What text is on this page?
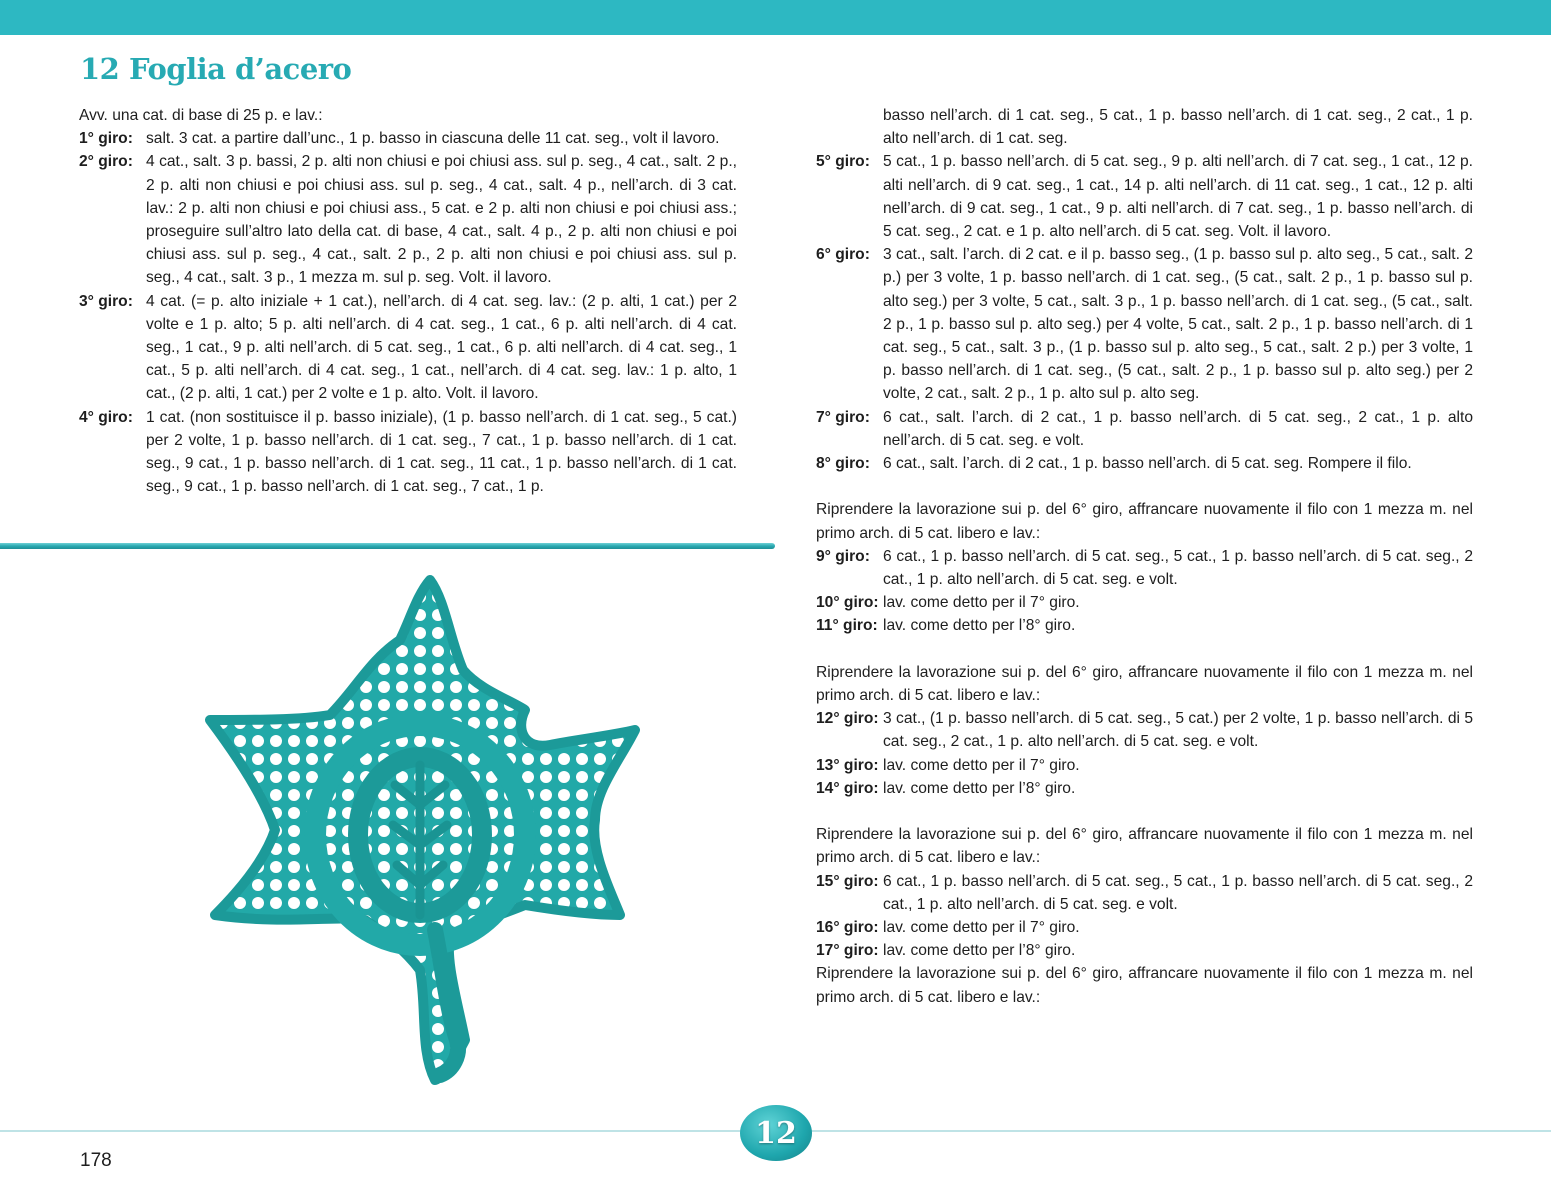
12 Foglia d’acero

Avv. una cat. di base di 25 p. e lav.:

1° giro: salt. 3 cat. a partire dall’unc., 1 p. basso in ciascuna delle 11 cat. seg., volt il lavoro.

2° giro: 4 cat., salt. 3 p. bassi, 2 p. alti non chiusi e poi chiusi ass. sul p. seg., 4 cat., salt. 2 p., 2 p. alti non chiusi e poi chiusi ass. sul p. seg., 4 cat., salt. 4 p., nell’arch. di 3 cat. lav.: 2 p. alti non chiusi e poi chiusi ass., 5 cat. e 2 p. alti non chiusi e poi chiusi ass.; proseguire sull’altro lato della cat. di base, 4 cat., salt. 4 p., 2 p. alti non chiusi e poi chiusi ass. sul p. seg., 4 cat., salt. 2 p., 2 p. alti non chiusi e poi chiusi ass. sul p. seg., 4 cat., salt. 3 p., 1 mezza m. sul p. seg. Volt. il lavoro.

3° giro: 4 cat. (= p. alto iniziale + 1 cat.), nell’arch. di 4 cat. seg. lav.: (2 p. alti, 1 cat.) per 2 volte e 1 p. alto; 5 p. alti nell’arch. di 4 cat. seg., 1 cat., 6 p. alti nell’arch. di 4 cat. seg., 1 cat., 9 p. alti nell’arch. di 5 cat. seg., 1 cat., 6 p. alti nell’arch. di 4 cat. seg., 1 cat., 5 p. alti nell’arch. di 4 cat. seg., 1 cat., nell’arch. di 4 cat. seg. lav.: 1 p. alto, 1 cat., (2 p. alti, 1 cat.) per 2 volte e 1 p. alto. Volt. il lavoro.

4° giro: 1 cat. (non sostituisce il p. basso iniziale), (1 p. basso nell’arch. di 1 cat. seg., 5 cat.) per 2 volte, 1 p. basso nell’arch. di 1 cat. seg., 7 cat., 1 p. basso nell’arch. di 1 cat. seg., 9 cat., 1 p. basso nell’arch. di 1 cat. seg., 11 cat., 1 p. basso nell’arch. di 1 cat. seg., 9 cat., 1 p. basso nell’arch. di 1 cat. seg., 7 cat., 1 p.

basso nell’arch. di 1 cat. seg., 5 cat., 1 p. basso nell’arch. di 1 cat. seg., 2 cat., 1 p. alto nell’arch. di 1 cat. seg.

5° giro: 5 cat., 1 p. basso nell’arch. di 5 cat. seg., 9 p. alti nell’arch. di 7 cat. seg., 1 cat., 12 p. alti nell’arch. di 9 cat. seg., 1 cat., 14 p. alti nell’arch. di 11 cat. seg., 1 cat., 12 p. alti nell’arch. di 9 cat. seg., 1 cat., 9 p. alti nell’arch. di 7 cat. seg., 1 p. basso nell’arch. di 5 cat. seg., 2 cat. e 1 p. alto nell’arch. di 5 cat. seg. Volt. il lavoro.

6° giro: 3 cat., salt. l’arch. di 2 cat. e il p. basso seg., (1 p. basso sul p. alto seg., 5 cat., salt. 2 p.) per 3 volte, 1 p. basso nell’arch. di 1 cat. seg., (5 cat., salt. 2 p., 1 p. basso sul p. alto seg.) per 3 volte, 5 cat., salt. 3 p., 1 p. basso nell’arch. di 1 cat. seg., (5 cat., salt. 2 p., 1 p. basso sul p. alto seg.) per 4 volte, 5 cat., salt. 2 p., 1 p. basso nell’arch. di 1 cat. seg., 5 cat., salt. 3 p., (1 p. basso sul p. alto seg., 5 cat., salt. 2 p.) per 3 volte, 1 p. basso nell’arch. di 1 cat. seg., (5 cat., salt. 2 p., 1 p. basso sul p. alto seg.) per 2 volte, 2 cat., salt. 2 p., 1 p. alto sul p. alto seg.

7° giro: 6 cat., salt. l’arch. di 2 cat., 1 p. basso nell’arch. di 5 cat. seg., 2 cat., 1 p. alto nell’arch. di 5 cat. seg. e volt.

8° giro: 6 cat., salt. l’arch. di 2 cat., 1 p. basso nell’arch. di 5 cat. seg. Rompere il filo.

Riprendere la lavorazione sui p. del 6° giro, affrancare nuovamente il filo con 1 mezza m. nel primo arch. di 5 cat. libero e lav.:

9° giro: 6 cat., 1 p. basso nell’arch. di 5 cat. seg., 5 cat., 1 p. basso nell’arch. di 5 cat. seg., 2 cat., 1 p. alto nell’arch. di 5 cat. seg. e volt.

10° giro: lav. come detto per il 7° giro.

11° giro: lav. come detto per l’8° giro.

Riprendere la lavorazione sui p. del 6° giro, affrancare nuovamente il filo con 1 mezza m. nel primo arch. di 5 cat. libero e lav.:

12° giro: 3 cat., (1 p. basso nell’arch. di 5 cat. seg., 5 cat.) per 2 volte, 1 p. basso nell’arch. di 5 cat. seg., 2 cat., 1 p. alto nell’arch. di 5 cat. seg. e volt.

13° giro: lav. come detto per il 7° giro.

14° giro: lav. come detto per l’8° giro.

Riprendere la lavorazione sui p. del 6° giro, affrancare nuovamente il filo con 1 mezza m. nel primo arch. di 5 cat. libero e lav.:

15° giro: 6 cat., 1 p. basso nell’arch. di 5 cat. seg., 5 cat., 1 p. basso nell’arch. di 5 cat. seg., 2 cat., 1 p. alto nell’arch. di 5 cat. seg. e volt.

16° giro: lav. come detto per il 7° giro.

17° giro: lav. come detto per l’8° giro.

Riprendere la lavorazione sui p. del 6° giro, affrancare nuovamente il filo con 1 mezza m. nel primo arch. di 5 cat. libero e lav.:

12

178
